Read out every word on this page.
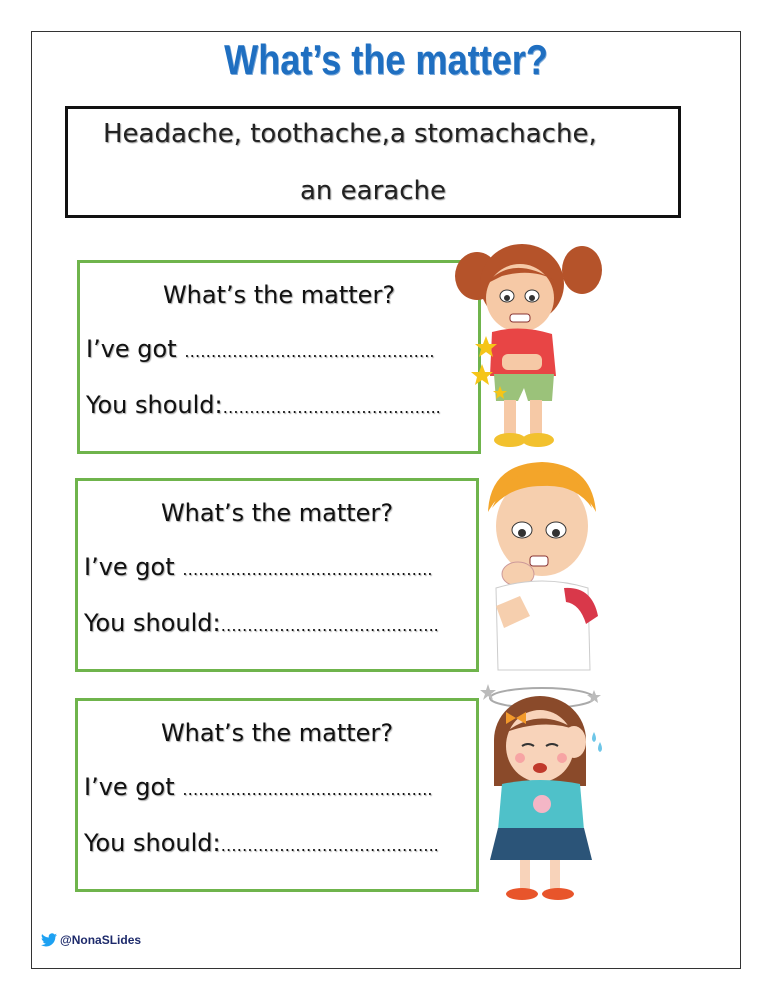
What’s the matter?
Headache, toothache,a stomachache,
an earache
What’s the matter?
I’ve got ………………………………………..
You should:…………………………………..
What’s the matter?
I’ve got ………………………………………..
You should:…………………………………..
What’s the matter?
I’ve got ………………………………………..
You should:…………………………………..
@NonaSLides
